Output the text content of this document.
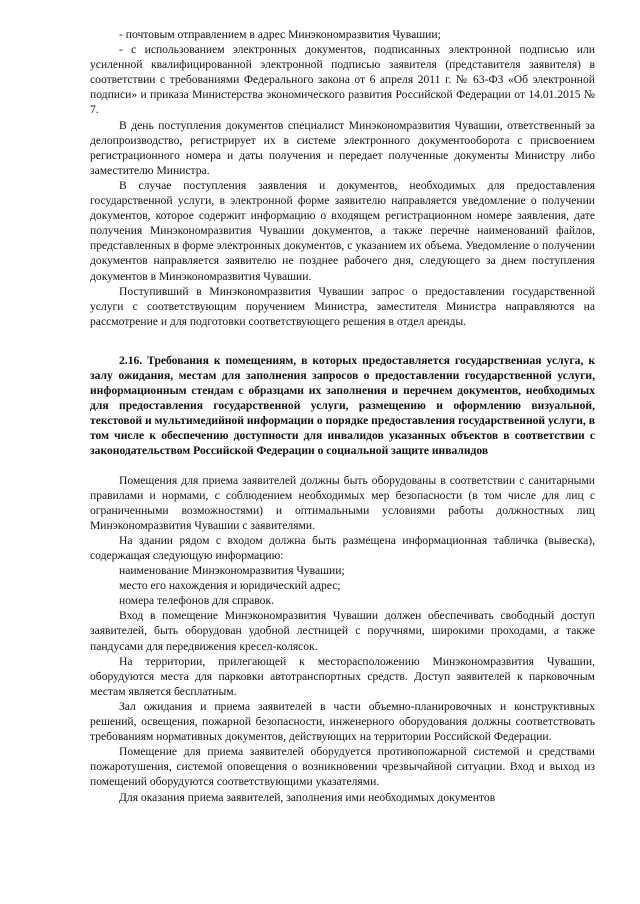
- почтовым отправлением в адрес Минэкономразвития Чувашии;

- с использованием электронных документов, подписанных электронной подписью или усиленной квалифицированной электронной подписью заявителя (представителя заявителя) в соответствии с требованиями Федерального закона от 6 апреля 2011 г. № 63-ФЗ «Об электронной подписи» и приказа Министерства экономического развития Российской Федерации от 14.01.2015 № 7.

В день поступления документов специалист Минэкономразвития Чувашии, ответственный за делопроизводство, регистрирует их в системе электронного документооборота с присвоением регистрационного номера и даты получения и передает полученные документы Министру либо заместителю Министра.

В случае поступления заявления и документов, необходимых для предоставления государственной услуги, в электронной форме заявителю направляется уведомление о получении документов, которое содержит информацию о входящем регистрационном номере заявления, дате получения Минэкономразвития Чувашии документов, а также перечне наименований файлов, представленных в форме электронных документов, с указанием их объема. Уведомление о получении документов направляется заявителю не позднее рабочего дня, следующего за днем поступления документов в Минэкономразвития Чувашии.

Поступивший в Минэкономразвития Чувашии запрос о предоставлении государственной услуги с соответствующим поручением Министра, заместителя Министра направляются на рассмотрение и для подготовки соответствующего решения в отдел аренды.

2.16. Требования к помещениям, в которых предоставляется государственная услуга, к залу ожидания, местам для заполнения запросов о предоставлении государственной услуги, информационным стендам с образцами их заполнения и перечнем документов, необходимых для предоставления государственной услуги, размещению и оформлению визуальной, текстовой и мультимедийной информации о порядке предоставления государственной услуги, в том числе к обеспечению доступности для инвалидов указанных объектов в соответствии с законодательством Российской Федерации о социальной защите инвалидов

Помещения для приема заявителей должны быть оборудованы в соответствии с санитарными правилами и нормами, с соблюдением необходимых мер безопасности (в том числе для лиц с ограниченными возможностями) и оптимальными условиями работы должностных лиц Минэкономразвития Чувашии с заявителями.

На здании рядом с входом должна быть размещена информационная табличка (вывеска), содержащая следующую информацию:

наименование Минэкономразвития Чувашии;

место его нахождения и юридический адрес;

номера телефонов для справок.

Вход в помещение Минэкономразвития Чувашии должен обеспечивать свободный доступ заявителей, быть оборудован удобной лестницей с поручнями, широкими проходами, а также пандусами для передвижения кресел-колясок.

На территории, прилегающей к месторасположению Минэкономразвития Чувашии, оборудуются места для парковки автотранспортных средств. Доступ заявителей к парковочным местам является бесплатным.

Зал ожидания и приема заявителей в части объемно-планировочных и конструктивных решений, освещения, пожарной безопасности, инженерного оборудования должны соответствовать требованиям нормативных документов, действующих на территории Российской Федерации.

Помещение для приема заявителей оборудуется противопожарной системой и средствами пожаротушения, системой оповещения о возникновении чрезвычайной ситуации. Вход и выход из помещений оборудуются соответствующими указателями.

Для оказания приема заявителей, заполнения ими необходимых документов
